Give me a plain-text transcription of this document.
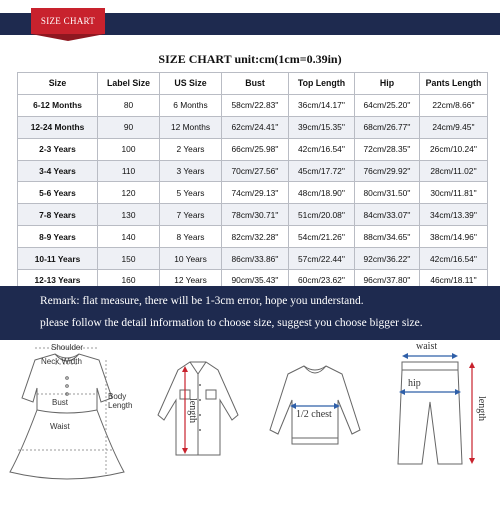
SIZE CHART
SIZE CHART unit:cm(1cm=0.39in)
Size	Label Size	US Size	Bust	Top Length	Hip	Pants Length
6-12 Months	80	6 Months	58cm/22.83''	36cm/14.17''	64cm/25.20''	22cm/8.66''
12-24 Months	90	12 Months	62cm/24.41''	39cm/15.35''	68cm/26.77''	24cm/9.45''
2-3 Years	100	2 Years	66cm/25.98''	42cm/16.54''	72cm/28.35''	26cm/10.24''
3-4 Years	110	3 Years	70cm/27.56''	45cm/17.72''	76cm/29.92''	28cm/11.02''
5-6 Years	120	5 Years	74cm/29.13''	48cm/18.90''	80cm/31.50''	30cm/11.81''
7-8 Years	130	7 Years	78cm/30.71''	51cm/20.08''	84cm/33.07''	34cm/13.39''
8-9 Years	140	8 Years	82cm/32.28''	54cm/21.26''	88cm/34.65''	38cm/14.96''
10-11 Years	150	10 Years	86cm/33.86''	57cm/22.44''	92cm/36.22''	42cm/16.54''
12-13 Years	160	12 Years	90cm/35.43''	60cm/23.62''	96cm/37.80''	46cm/18.11''

Remark: flat measure, there will be 1-3cm error, hope you understand.

please follow the detail information to choose size, suggest you choose bigger size.

Shoulder
Neck Width
Bust
Body Length
Waist
length	1/2 chest
waist
hip
length
